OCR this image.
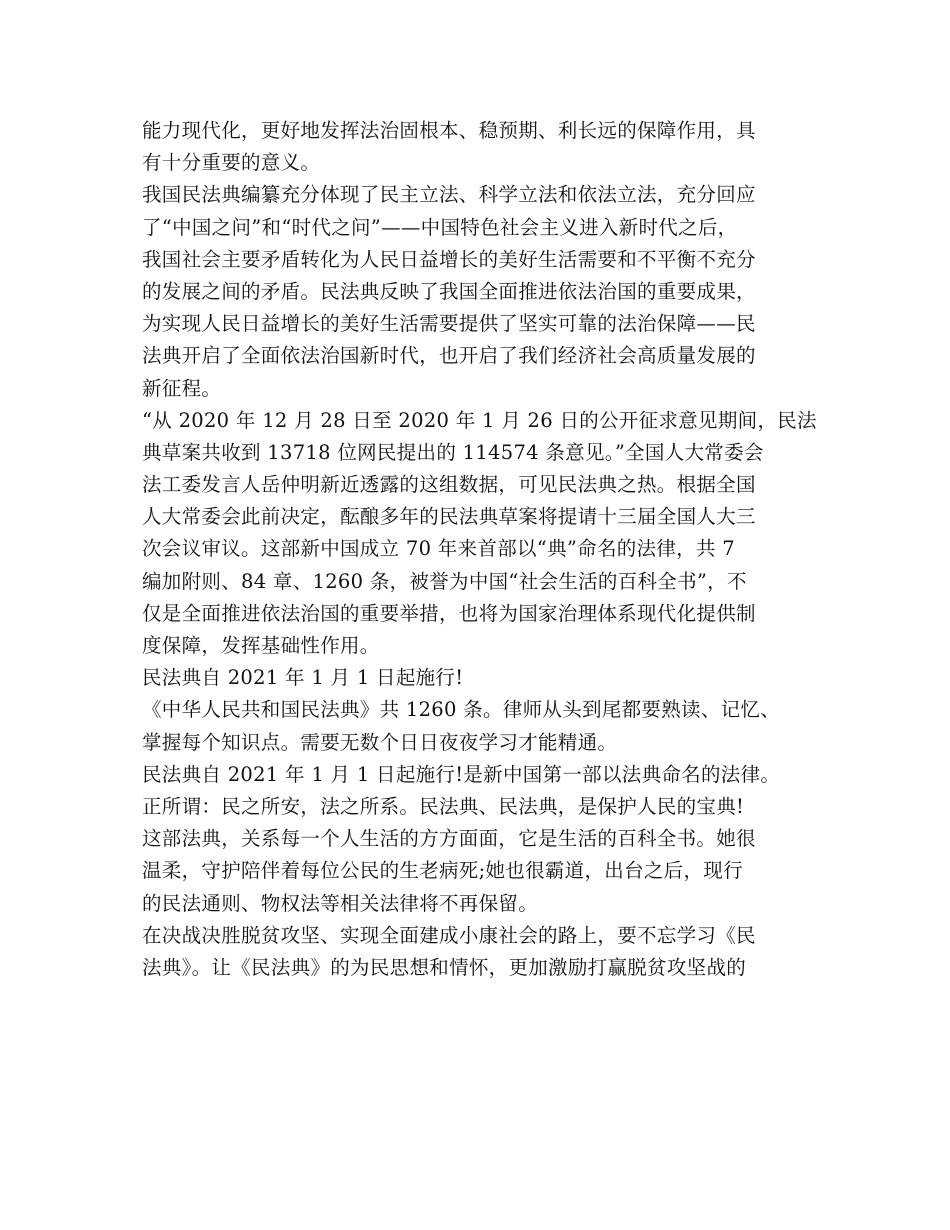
能力现代化，更好地发挥法治固根本、稳预期、利长远的保障作用，具
有十分重要的意义。
我国民法典编纂充分体现了民主立法、科学立法和依法立法，充分回应
了“中国之问”和“时代之问”——中国特色社会主义进入新时代之后，
我国社会主要矛盾转化为人民日益增长的美好生活需要和不平衡不充分
的发展之间的矛盾。民法典反映了我国全面推进依法治国的重要成果，
为实现人民日益增长的美好生活需要提供了坚实可靠的法治保障——民
法典开启了全面依法治国新时代，也开启了我们经济社会高质量发展的
新征程。
“从 2020 年 12 月 28 日至 2020 年 1 月 26 日的公开征求意见期间，民法
典草案共收到 13718 位网民提出的 114574 条意见。”全国人大常委会
法工委发言人岳仲明新近透露的这组数据，可见民法典之热。根据全国
人大常委会此前决定，酝酿多年的民法典草案将提请十三届全国人大三
次会议审议。这部新中国成立 70 年来首部以“典”命名的法律，共 7
编加附则、84 章、1260 条，被誉为中国“社会生活的百科全书”，不
仅是全面推进依法治国的重要举措，也将为国家治理体系现代化提供制
度保障，发挥基础性作用。
民法典自 2021 年 1 月 1 日起施行!
《中华人民共和国民法典》共 1260 条。律师从头到尾都要熟读、记忆、
掌握每个知识点。需要无数个日日夜夜学习才能精通。
民法典自 2021 年 1 月 1 日起施行!是新中国第一部以法典命名的法律。
正所谓：民之所安，法之所系。民法典、民法典，是保护人民的宝典!
这部法典，关系每一个人生活的方方面面，它是生活的百科全书。她很
温柔，守护陪伴着每位公民的生老病死;她也很霸道，出台之后，现行
的民法通则、物权法等相关法律将不再保留。
在决战决胜脱贫攻坚、实现全面建成小康社会的路上，要不忘学习《民
法典》。让《民法典》的为民思想和情怀，更加激励打赢脱贫攻坚战的
